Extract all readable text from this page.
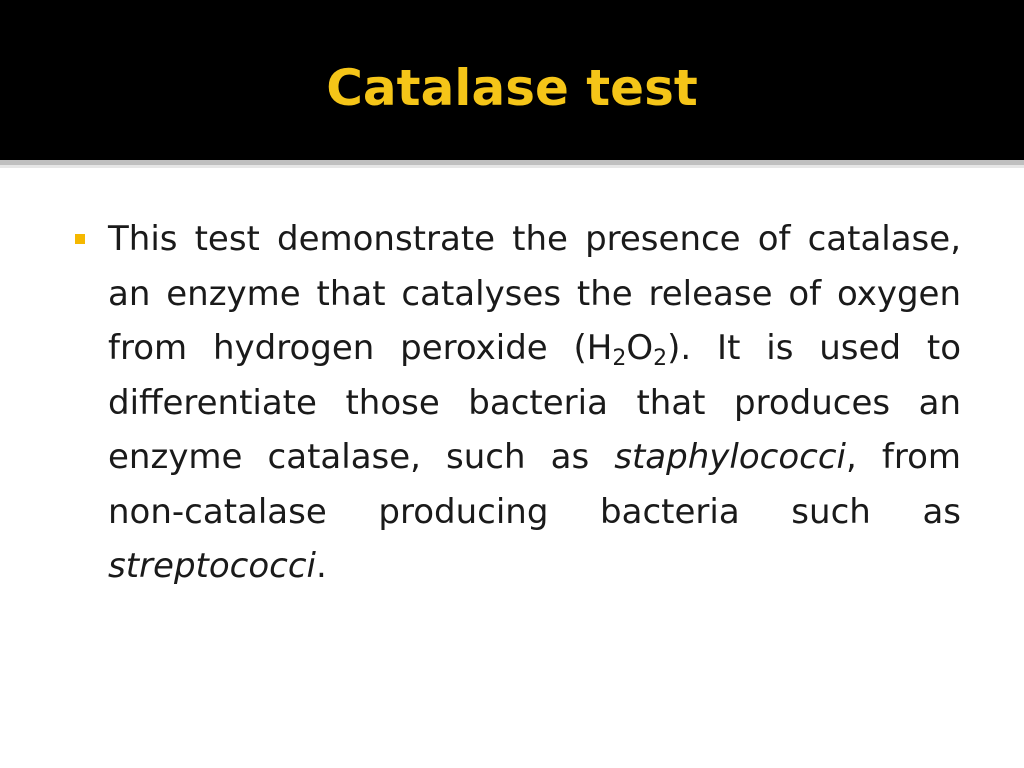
Catalase test

This test demonstrate the presence of catalase, an enzyme that catalyses the release of oxygen from hydrogen peroxide $(H_2O_2)$. It is used to differentiate those bacteria that produces an enzyme catalase, such as staphylococci, from non-catalase producing bacteria such as streptococci.
